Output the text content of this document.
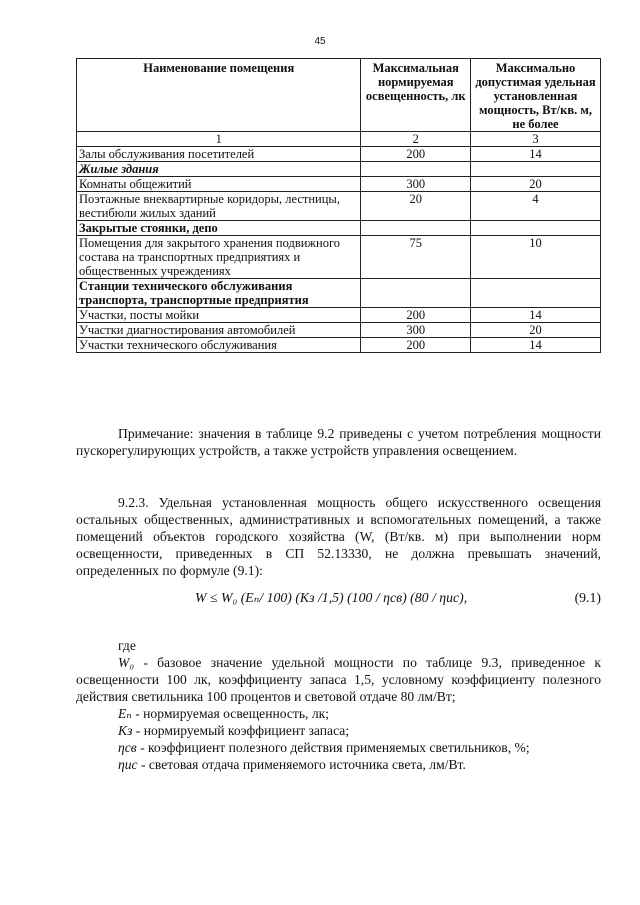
45
Наименование помещения	Максимальная нормируемая освещенность, лк	Максимально допустимая удельная установленная мощность, Вт/кв. м, не более
1	2	3
Залы обслуживания посетителей	200	14
Жилые здания		
Комнаты общежитий	300	20
Поэтажные внеквартирные коридоры, лестницы, вестибюли жилых зданий	20	4
Закрытые стоянки, депо		
Помещения для закрытого хранения подвижного состава на транспортных предприятиях и общественных учреждениях	75	10
Станции технического обслуживания транспорта, транспортные предприятия		
Участки, посты мойки	200	14
Участки диагностирования автомобилей	300	20
Участки технического обслуживания	200	14
Примечание: значения в таблице 9.2 приведены с учетом потребления мощности пускорегулирующих устройств, а также устройств управления освещением.
9.2.3. Удельная установленная мощность общего искусственного освещения остальных общественных, административных и вспомогательных помещений, а также помещений объектов городского хозяйства (W, (Вт/кв. м) при выполнении норм освещенности, приведенных в СП 52.13330, не должна превышать значений, определенных по формуле (9.1):
W ≤ W₀ (Eₙ/ 100) (Kз /1,5) (100 / ηсв) (80 / ηис),	(9.1)

где

W₀ - базовое значение удельной мощности по таблице 9.3, приведенное к освещенности 100 лк, коэффициенту запаса 1,5, условному коэффициенту полезного действия светильника 100 процентов и световой отдаче 80 лм/Вт;

Eₙ - нормируемая освещенность, лк;

Kз - нормируемый коэффициент запаса;

ηсв - коэффициент полезного действия применяемых светильников, %;

ηис - световая отдача применяемого источника света, лм/Вт.
